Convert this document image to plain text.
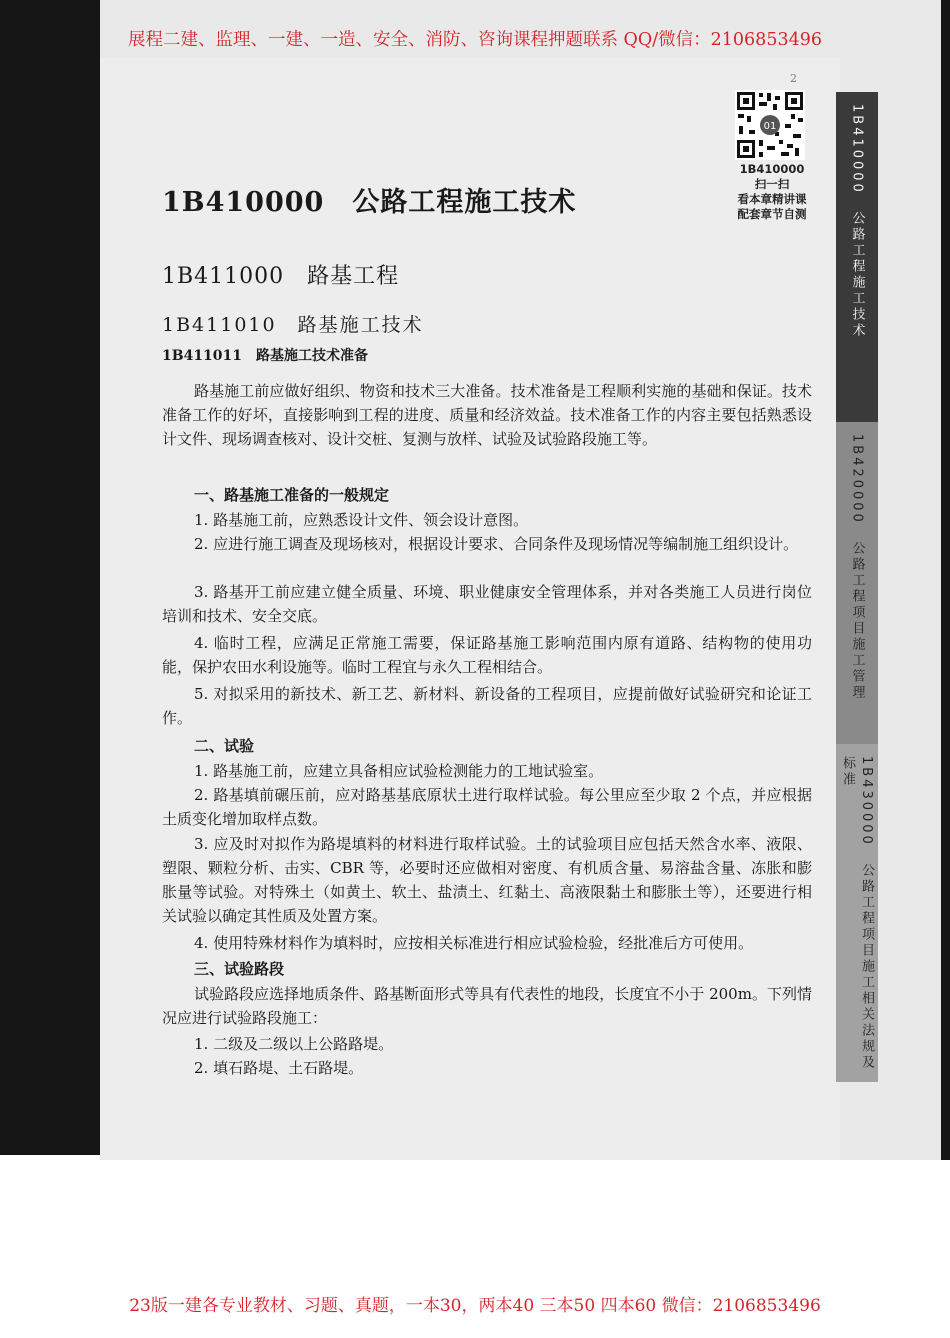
展程二建、监理、一建、一造、安全、消防、咨询课程押题联系 QQ/微信：2106853496
2
01
1B410000
扫一扫
看本章精讲课
配套章节自测	1B410000　公路工程施工技术
1B420000　公路工程项目施工管理
1B430000　公路工程项目施工相关法规及标准
1B410000　公路工程施工技术
1B411000　路基工程
1B411010　路基施工技术
1B411011　路基施工技术准备

路基施工前应做好组织、物资和技术三大准备。技术准备是工程顺利实施的基础和保证。技术准备工作的好坏，直接影响到工程的进度、质量和经济效益。技术准备工作的内容主要包括熟悉设计文件、现场调查核对、设计交桩、复测与放样、试验及试验路段施工等。

一、路基施工准备的一般规定

1. 路基施工前，应熟悉设计文件、领会设计意图。

2. 应进行施工调查及现场核对，根据设计要求、合同条件及现场情况等编制施工组织设计。

3. 路基开工前应建立健全质量、环境、职业健康安全管理体系，并对各类施工人员进行岗位培训和技术、安全交底。

4. 临时工程，应满足正常施工需要，保证路基施工影响范围内原有道路、结构物的使用功能，保护农田水利设施等。临时工程宜与永久工程相结合。

5. 对拟采用的新技术、新工艺、新材料、新设备的工程项目，应提前做好试验研究和论证工作。

二、试验

1. 路基施工前，应建立具备相应试验检测能力的工地试验室。

2. 路基填前碾压前，应对路基基底原状土进行取样试验。每公里应至少取 2 个点，并应根据土质变化增加取样点数。

3. 应及时对拟作为路堤填料的材料进行取样试验。土的试验项目应包括天然含水率、液限、塑限、颗粒分析、击实、CBR 等，必要时还应做相对密度、有机质含量、易溶盐含量、冻胀和膨胀量等试验。对特殊土（如黄土、软土、盐渍土、红黏土、高液限黏土和膨胀土等），还要进行相关试验以确定其性质及处置方案。

4. 使用特殊材料作为填料时，应按相关标准进行相应试验检验，经批准后方可使用。

三、试验路段

试验路段应选择地质条件、路基断面形式等具有代表性的地段，长度宜不小于 200m。下列情况应进行试验路段施工：

1. 二级及二级以上公路路堤。

2. 填石路堤、土石路堤。

23版一建各专业教材、习题、真题，一本30，两本40 三本50 四本60 微信：2106853496
